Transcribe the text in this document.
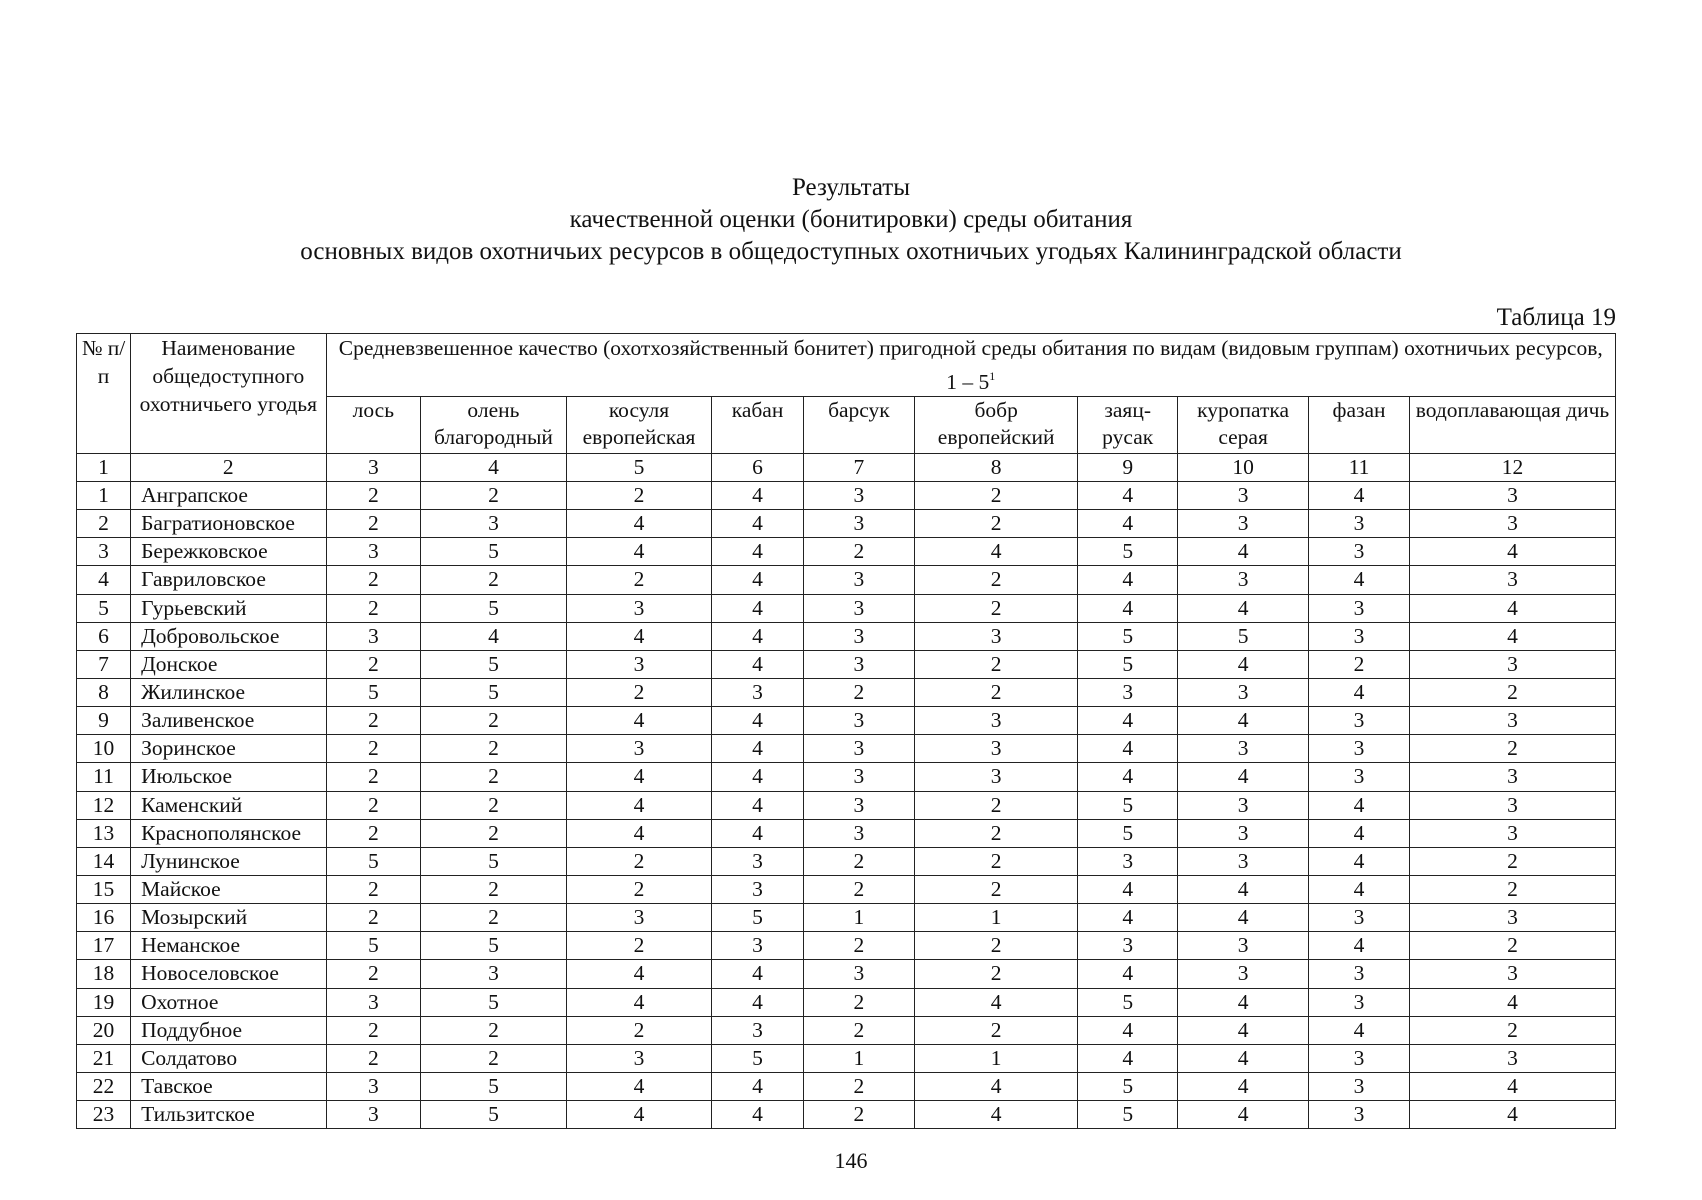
Результаты
качественной оценки (бонитировки) среды обитания
основных видов охотничьих ресурсов в общедоступных охотничьих угодьях Калининградской области
Таблица 19
№ п/п	Наименование общедоступного охотничьего угодья	Средневзвешенное качество (охотхозяйственный бонитет) пригодной среды обитания по видам (видовым группам) охотничьих ресурсов, $1 - 5^1$
		лось	олень благородный	косуля европейская	кабан	барсук	бобр европейский	заяц-русак	куропатка серая	фазан	водоплавающая дичь
1	2	3	4	5	6	7	8	9	10	11	12
1	Анграпское	2	2	2	4	3	2	4	3	4	3
2	Багратионовское	2	3	4	4	3	2	4	3	3	3
3	Бережковское	3	5	4	4	2	4	5	4	3	4
4	Гавриловское	2	2	2	4	3	2	4	3	4	3
5	Гурьевский	2	5	3	4	3	2	4	4	3	4
6	Добровольское	3	4	4	4	3	3	5	5	3	4
7	Донское	2	5	3	4	3	2	5	4	2	3
8	Жилинское	5	5	2	3	2	2	3	3	4	2
9	Заливенское	2	2	4	4	3	3	4	4	3	3
10	Зоринское	2	2	3	4	3	3	4	3	3	2
11	Июльское	2	2	4	4	3	3	4	4	3	3
12	Каменский	2	2	4	4	3	2	5	3	4	3
13	Краснополянское	2	2	4	4	3	2	5	3	4	3
14	Лунинское	5	5	2	3	2	2	3	3	4	2
15	Майское	2	2	2	3	2	2	4	4	4	2
16	Мозырский	2	2	3	5	1	1	4	4	3	3
17	Неманское	5	5	2	3	2	2	3	3	4	2
18	Новоселовское	2	3	4	4	3	2	4	3	3	3
19	Охотное	3	5	4	4	2	4	5	4	3	4
20	Поддубное	2	2	2	3	2	2	4	4	4	2
21	Солдатово	2	2	3	5	1	1	4	4	3	3
22	Тавское	3	5	4	4	2	4	5	4	3	4
23	Тильзитское	3	5	4	4	2	4	5	4	3	4
146
